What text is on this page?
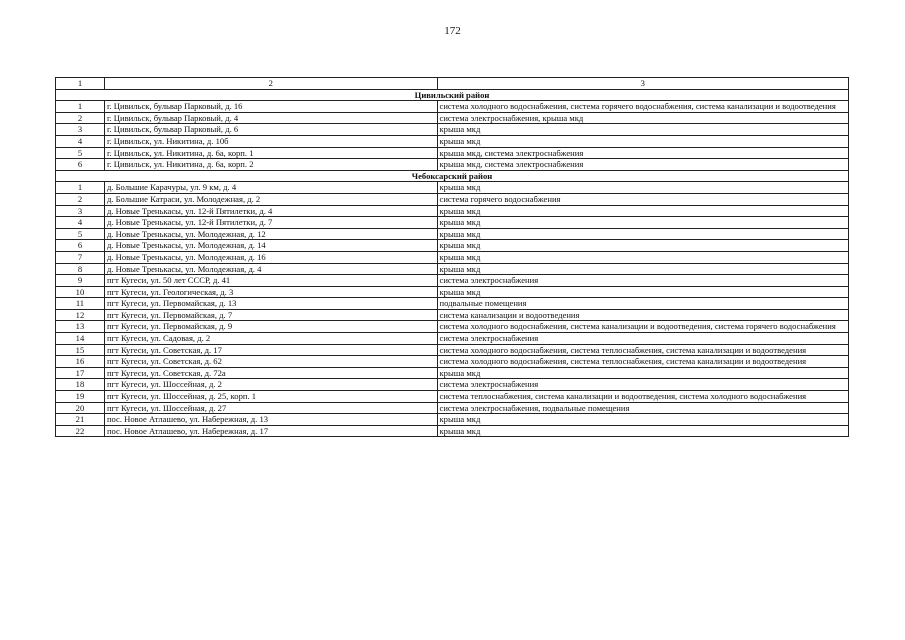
172
1	2	3
Цивильский район		
1	г. Цивильск, бульвар Парковый, д. 16	система холодного водоснабжения, система горячего водоснабжения, система канализации и водоотведения
2	г. Цивильск, бульвар Парковый, д. 4	система электроснабжения, крыша мкд
3	г. Цивильск, бульвар Парковый, д. 6	крыша мкд
4	г. Цивильск, ул. Никитина, д. 10б	крыша мкд
5	г. Цивильск, ул. Никитина, д. 6а, корп. 1	крыша мкд, система электроснабжения
6	г. Цивильск, ул. Никитина, д. 6а, корп. 2	крыша мкд, система электроснабжения
Чебоксарский район		
1	д. Большие Карачуры, ул. 9 км, д. 4	крыша мкд
2	д. Большие Катраси, ул. Молодежная, д. 2	система горячего водоснабжения
3	д. Новые Тренькасы, ул. 12-й Пятилетки, д. 4	крыша мкд
4	д. Новые Тренькасы, ул. 12-й Пятилетки, д. 7	крыша мкд
5	д. Новые Тренькасы, ул. Молодежная, д. 12	крыша мкд
6	д. Новые Тренькасы, ул. Молодежная, д. 14	крыша мкд
7	д. Новые Тренькасы, ул. Молодежная, д. 16	крыша мкд
8	д. Новые Тренькасы, ул. Молодежная, д. 4	крыша мкд
9	пгт Кугеси, ул. 50 лет СССР, д. 41	система электроснабжения
10	пгт Кугеси, ул. Геологическая, д. 3	крыша мкд
11	пгт Кугеси, ул. Первомайская, д. 13	подвальные помещения
12	пгт Кугеси, ул. Первомайская, д. 7	система канализации и водоотведения
13	пгт Кугеси, ул. Первомайская, д. 9	система холодного водоснабжения, система канализации и водоотведения, система горячего водоснабжения
14	пгт Кугеси, ул. Садовая, д. 2	система электроснабжения
15	пгт Кугеси, ул. Советская, д. 17	система холодного водоснабжения, система теплоснабжения, система канализации и водоотведения
16	пгт Кугеси, ул. Советская, д. 62	система холодного водоснабжения, система теплоснабжения, система канализации и водоотведения
17	пгт Кугеси, ул. Советская, д. 72а	крыша мкд
18	пгт Кугеси, ул. Шоссейная, д. 2	система электроснабжения
19	пгт Кугеси, ул. Шоссейная, д. 25, корп. 1	система теплоснабжения, система канализации и водоотведения, система холодного водоснабжения
20	пгт Кугеси, ул. Шоссейная, д. 27	система электроснабжения, подвальные помещения
21	пос. Новое Атлашево, ул. Набережная, д. 13	крыша мкд
22	пос. Новое Атлашево, ул. Набережная, д. 17	крыша мкд
